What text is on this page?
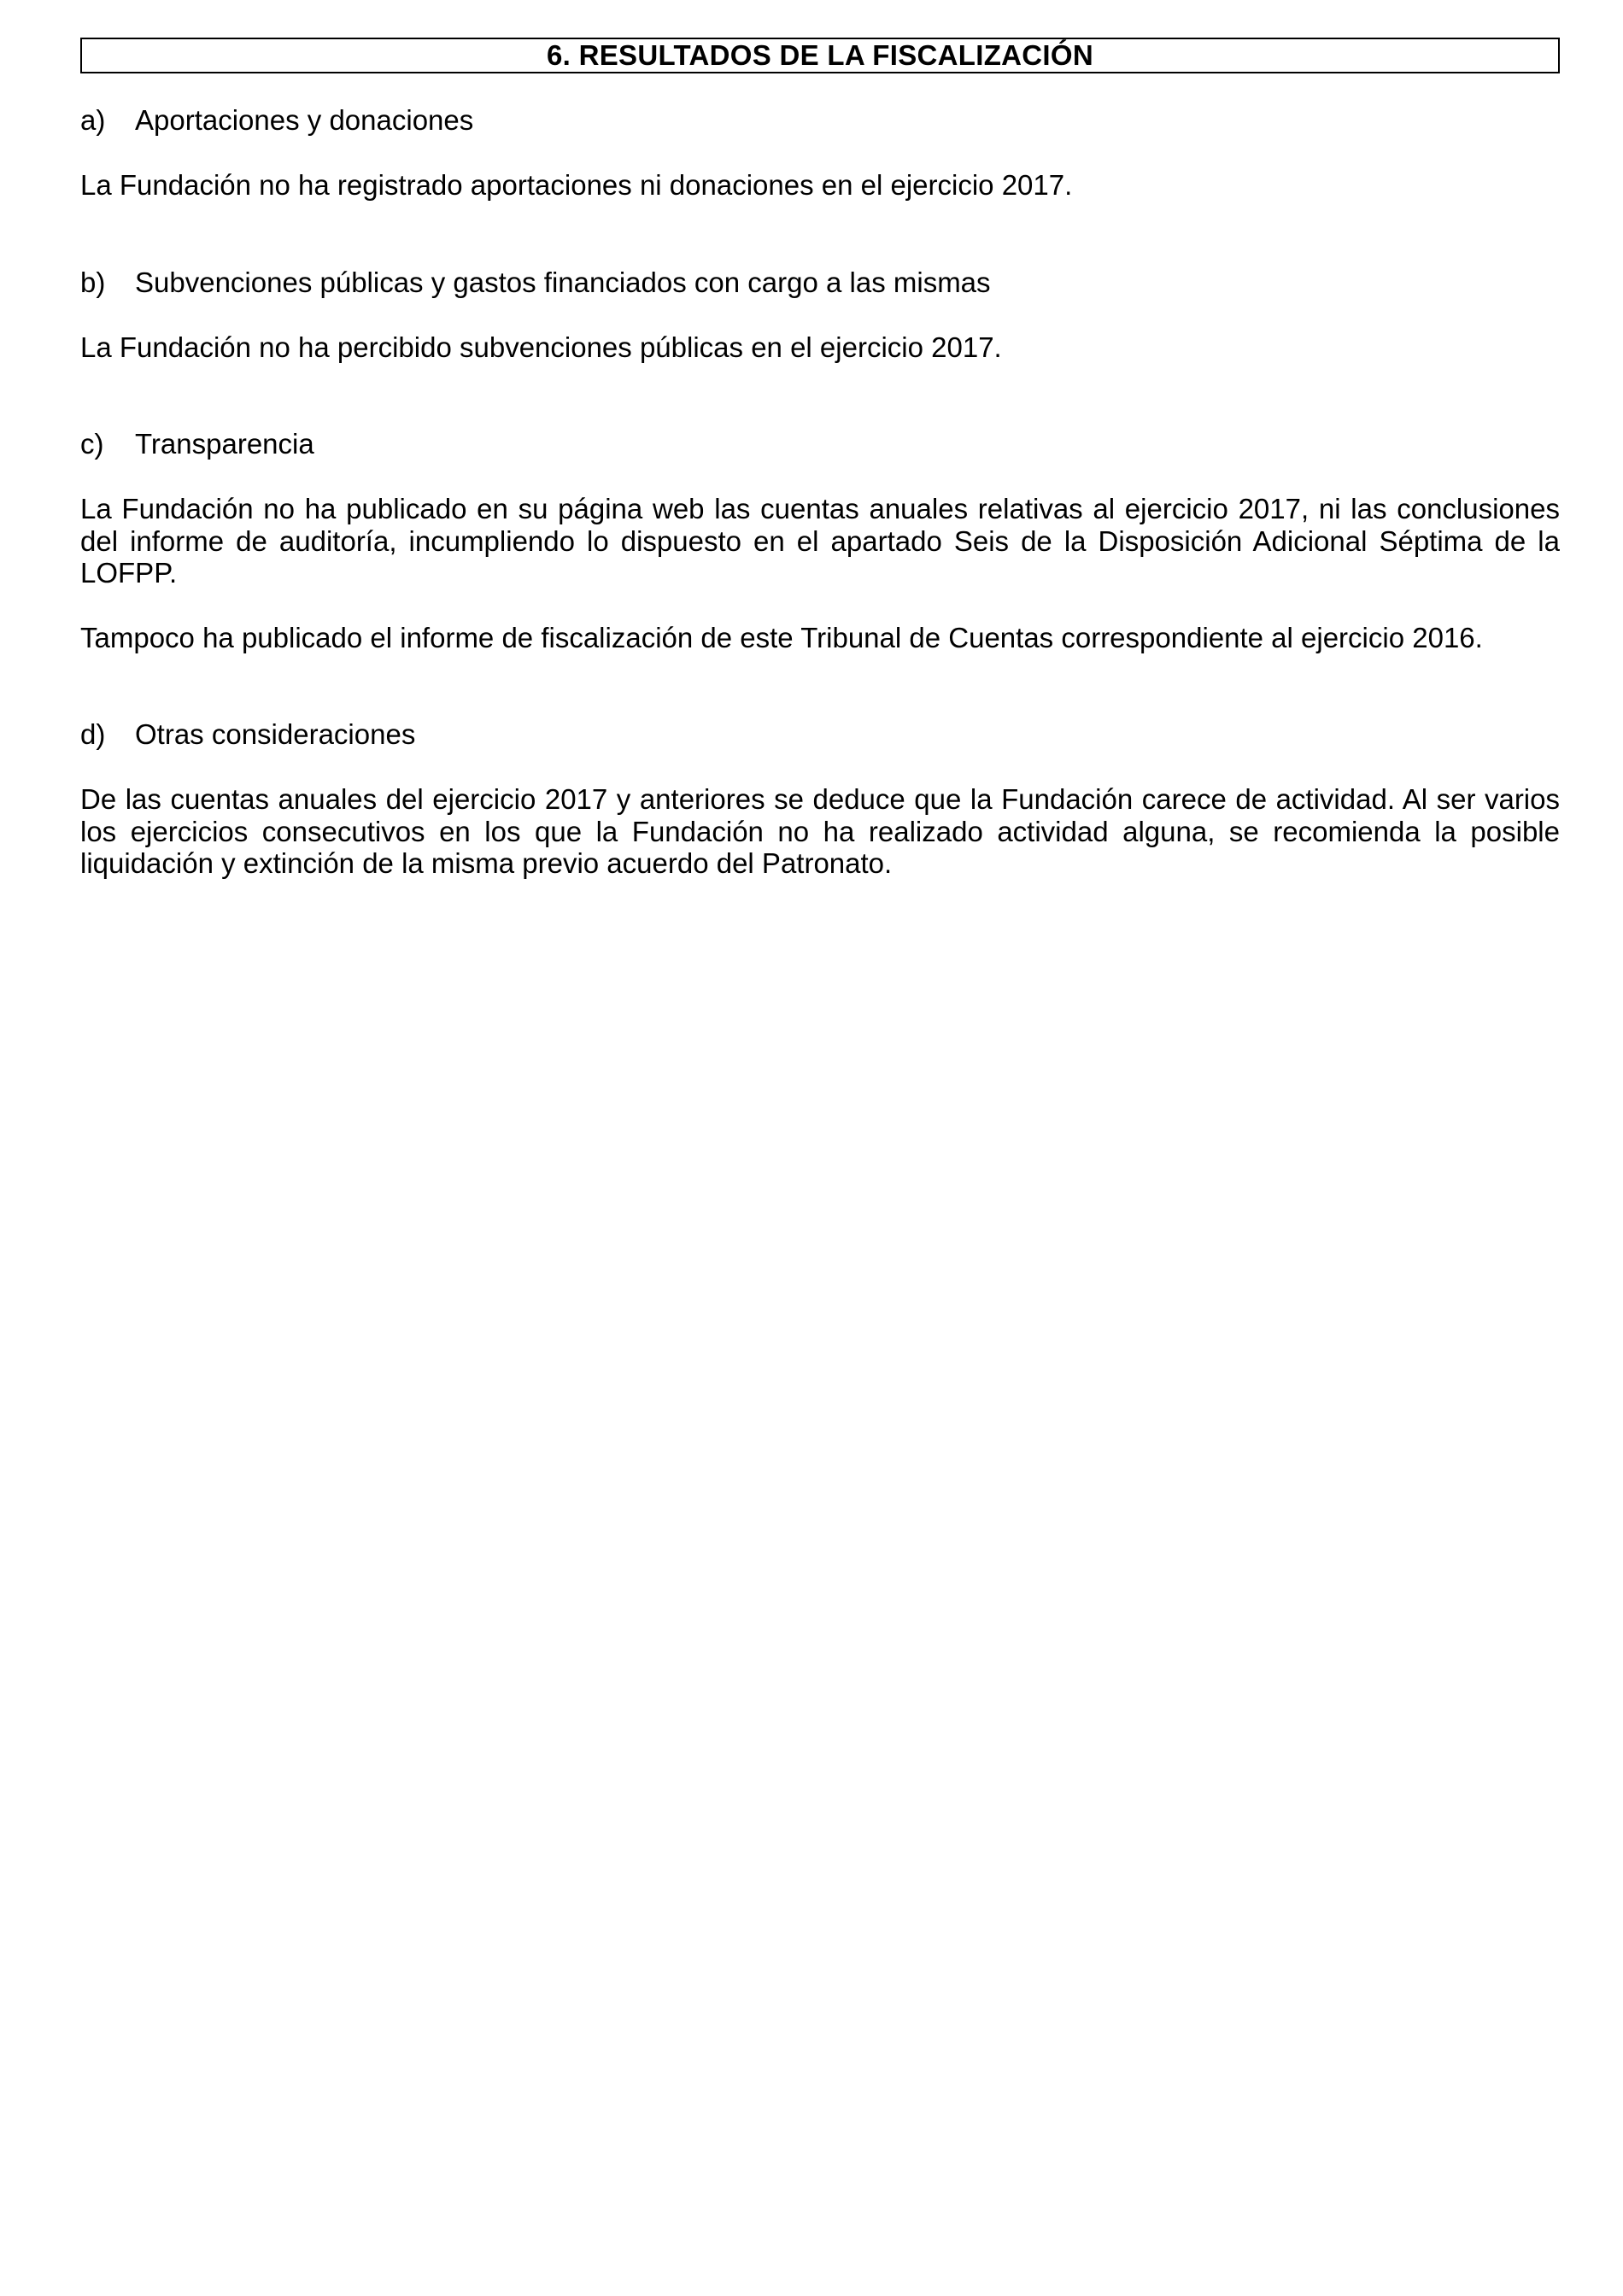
6. RESULTADOS DE LA FISCALIZACIÓN
a)	Aportaciones y donaciones

La Fundación no ha registrado aportaciones ni donaciones en el ejercicio 2017.

b)	Subvenciones públicas y gastos financiados con cargo a las mismas

La Fundación no ha percibido subvenciones públicas en el ejercicio 2017.

c)	Transparencia

La Fundación no ha publicado en su página web las cuentas anuales relativas al ejercicio 2017, ni las conclusiones del informe de auditoría, incumpliendo lo dispuesto en el apartado Seis de la Disposición Adicional Séptima de la LOFPP.

Tampoco ha publicado el informe de fiscalización de este Tribunal de Cuentas correspondiente al ejercicio 2016.

d)	Otras consideraciones

De las cuentas anuales del ejercicio 2017 y anteriores se deduce que la Fundación carece de actividad. Al ser varios los ejercicios consecutivos en los que la Fundación no ha realizado actividad alguna, se recomienda la posible liquidación y extinción de la misma previo acuerdo del Patronato.
